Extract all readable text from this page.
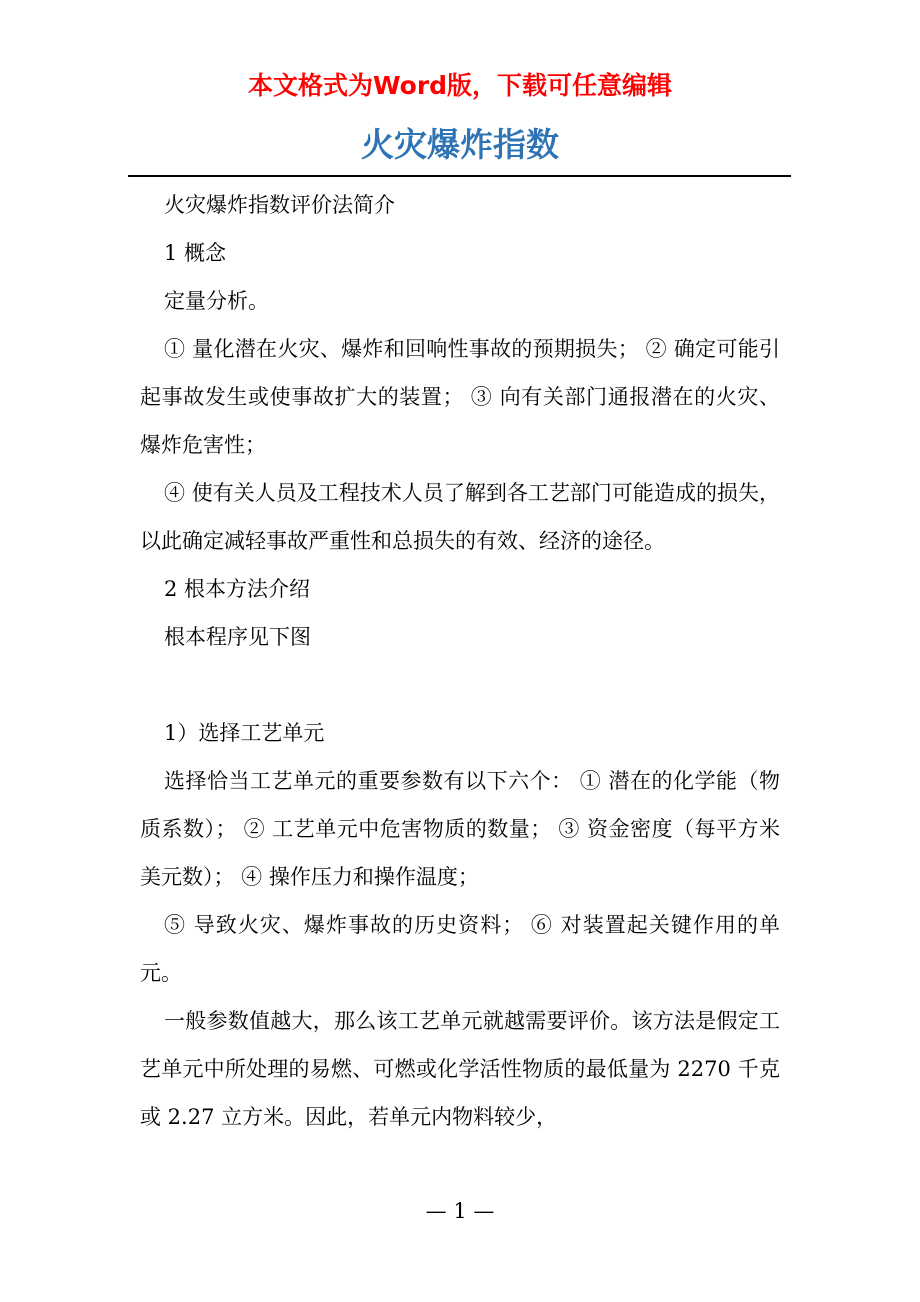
本文格式为Word版，下载可任意编辑
火灾爆炸指数

火灾爆炸指数评价法简介

1 概念

定量分析。

① 量化潜在火灾、爆炸和回响性事故的预期损失； ② 确定可能引起事故发生或使事故扩大的装置； ③ 向有关部门通报潜在的火灾、爆炸危害性；

④ 使有关人员及工程技术人员了解到各工艺部门可能造成的损失，以此确定减轻事故严重性和总损失的有效、经济的途径。

2 根本方法介绍

根本程序见下图

1）选择工艺单元

选择恰当工艺单元的重要参数有以下六个： ① 潜在的化学能（物质系数）； ② 工艺单元中危害物质的数量； ③ 资金密度（每平方米美元数）； ④ 操作压力和操作温度；

⑤ 导致火灾、爆炸事故的历史资料； ⑥ 对装置起关键作用的单元。

一般参数值越大，那么该工艺单元就越需要评价。该方法是假定工艺单元中所处理的易燃、可燃或化学活性物质的最低量为 2270 千克或 2.27 立方米。因此，若单元内物料较少，

— 1 —
